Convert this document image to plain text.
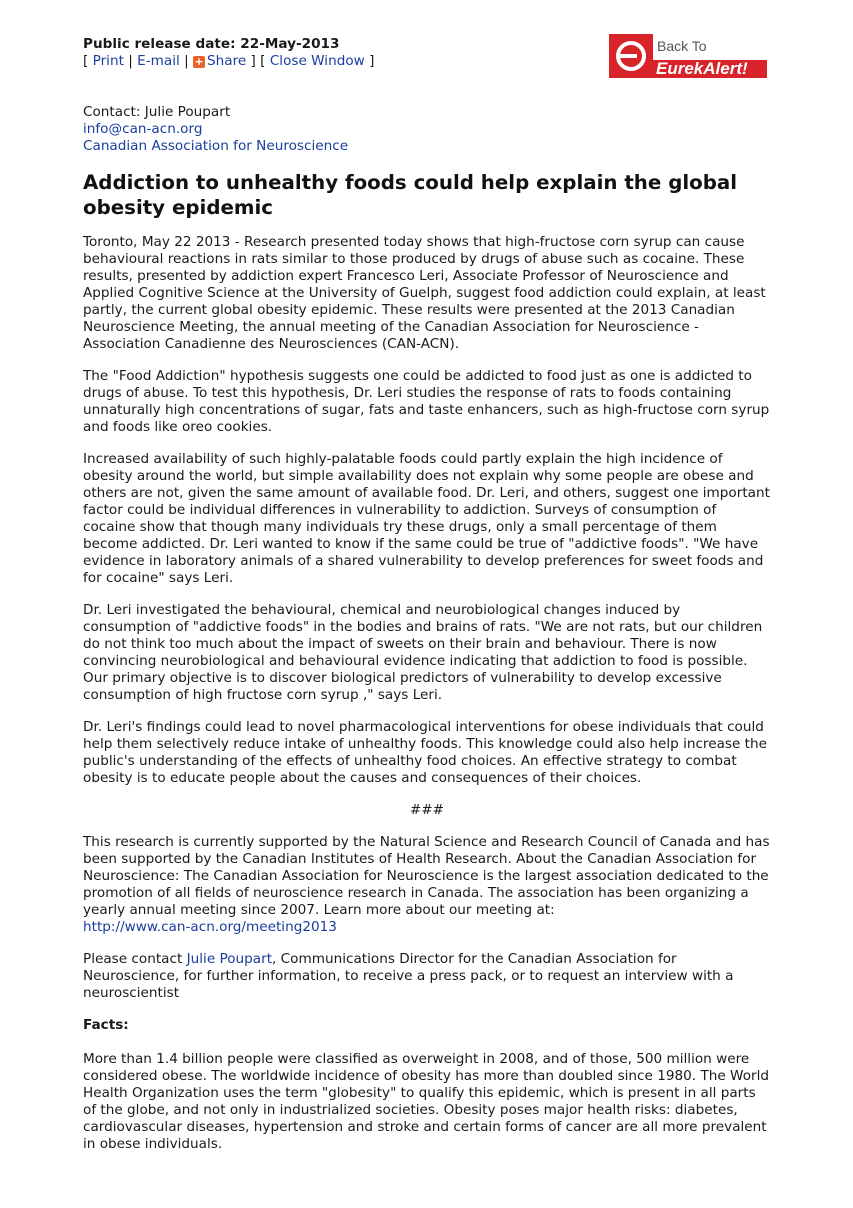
Public release date: 22-May-2013
[ Print | E-mail | + Share ] [ Close Window ]
Contact: Julie Poupart
info@can-acn.org
Canadian Association for Neuroscience
Addiction to unhealthy foods could help explain the global obesity epidemic

Toronto, May 22 2013 - Research presented today shows that high-fructose corn syrup can cause behavioural reactions in rats similar to those produced by drugs of abuse such as cocaine. These results, presented by addiction expert Francesco Leri, Associate Professor of Neuroscience and Applied Cognitive Science at the University of Guelph, suggest food addiction could explain, at least partly, the current global obesity epidemic. These results were presented at the 2013 Canadian Neuroscience Meeting, the annual meeting of the Canadian Association for Neuroscience - Association Canadienne des Neurosciences (CAN-ACN).

The "Food Addiction" hypothesis suggests one could be addicted to food just as one is addicted to drugs of abuse. To test this hypothesis, Dr. Leri studies the response of rats to foods containing unnaturally high concentrations of sugar, fats and taste enhancers, such as high-fructose corn syrup and foods like oreo cookies.

Increased availability of such highly-palatable foods could partly explain the high incidence of obesity around the world, but simple availability does not explain why some people are obese and others are not, given the same amount of available food. Dr. Leri, and others, suggest one important factor could be individual differences in vulnerability to addiction. Surveys of consumption of cocaine show that though many individuals try these drugs, only a small percentage of them become addicted. Dr. Leri wanted to know if the same could be true of "addictive foods". "We have evidence in laboratory animals of a shared vulnerability to develop preferences for sweet foods and for cocaine" says Leri.

Dr. Leri investigated the behavioural, chemical and neurobiological changes induced by consumption of "addictive foods" in the bodies and brains of rats. "We are not rats, but our children do not think too much about the impact of sweets on their brain and behaviour. There is now convincing neurobiological and behavioural evidence indicating that addiction to food is possible. Our primary objective is to discover biological predictors of vulnerability to develop excessive consumption of high fructose corn syrup ," says Leri.

Dr. Leri's findings could lead to novel pharmacological interventions for obese individuals that could help them selectively reduce intake of unhealthy foods. This knowledge could also help increase the public's understanding of the effects of unhealthy food choices. An effective strategy to combat obesity is to educate people about the causes and consequences of their choices.

###

This research is currently supported by the Natural Science and Research Council of Canada and has been supported by the Canadian Institutes of Health Research. About the Canadian Association for Neuroscience: The Canadian Association for Neuroscience is the largest association dedicated to the promotion of all fields of neuroscience research in Canada. The association has been organizing a yearly annual meeting since 2007. Learn more about our meeting at:
http://www.can-acn.org/meeting2013

Please contact Julie Poupart, Communications Director for the Canadian Association for Neuroscience, for further information, to receive a press pack, or to request an interview with a neuroscientist

Facts:

More than 1.4 billion people were classified as overweight in 2008, and of those, 500 million were considered obese. The worldwide incidence of obesity has more than doubled since 1980. The World Health Organization uses the term "globesity" to qualify this epidemic, which is present in all parts of the globe, and not only in industrialized societies. Obesity poses major health risks: diabetes, cardiovascular diseases, hypertension and stroke and certain forms of cancer are all more prevalent in obese individuals.

Back To
EurekAlert!
